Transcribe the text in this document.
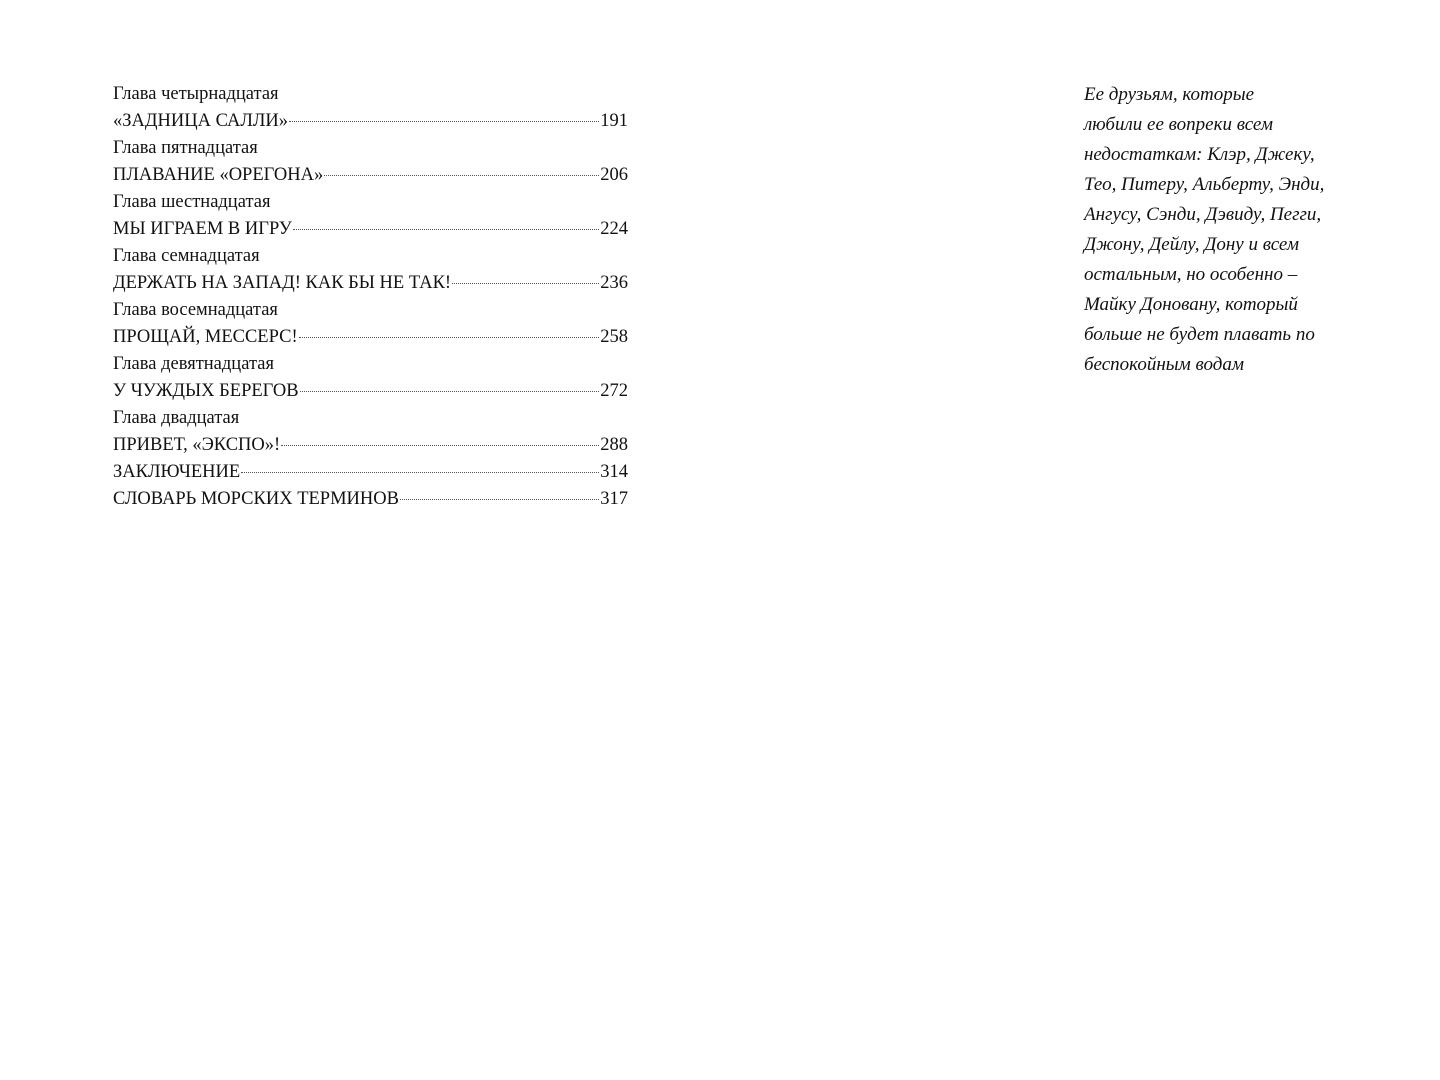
Глава четырнадцатая
«ЗАДНИЦА САЛЛИ»	191
Глава пятнадцатая
ПЛАВАНИЕ «ОРЕГОНА»	206
Глава шестнадцатая
МЫ ИГРАЕМ В ИГРУ	224
Глава семнадцатая
ДЕРЖАТЬ НА ЗАПАД! КАК БЫ НЕ ТАК!	236
Глава восемнадцатая
ПРОЩАЙ, МЕССЕРС!	258
Глава девятнадцатая
У ЧУЖДЫХ БЕРЕГОВ	272
Глава двадцатая
ПРИВЕТ, «ЭКСПО»!	288
ЗАКЛЮЧЕНИЕ	314
СЛОВАРЬ МОРСКИХ ТЕРМИНОВ	317
Ее друзьям, которые
любили ее вопреки всем
недостаткам: Клэр, Джеку,
Тео, Питеру, Альберту, Энди,
Ангусу, Сэнди, Дэвиду, Пегги,
Джону, Дейлу, Дону и всем
остальным, но особенно –
Майку Доновану, который
больше не будет плавать по
беспокойным водам
